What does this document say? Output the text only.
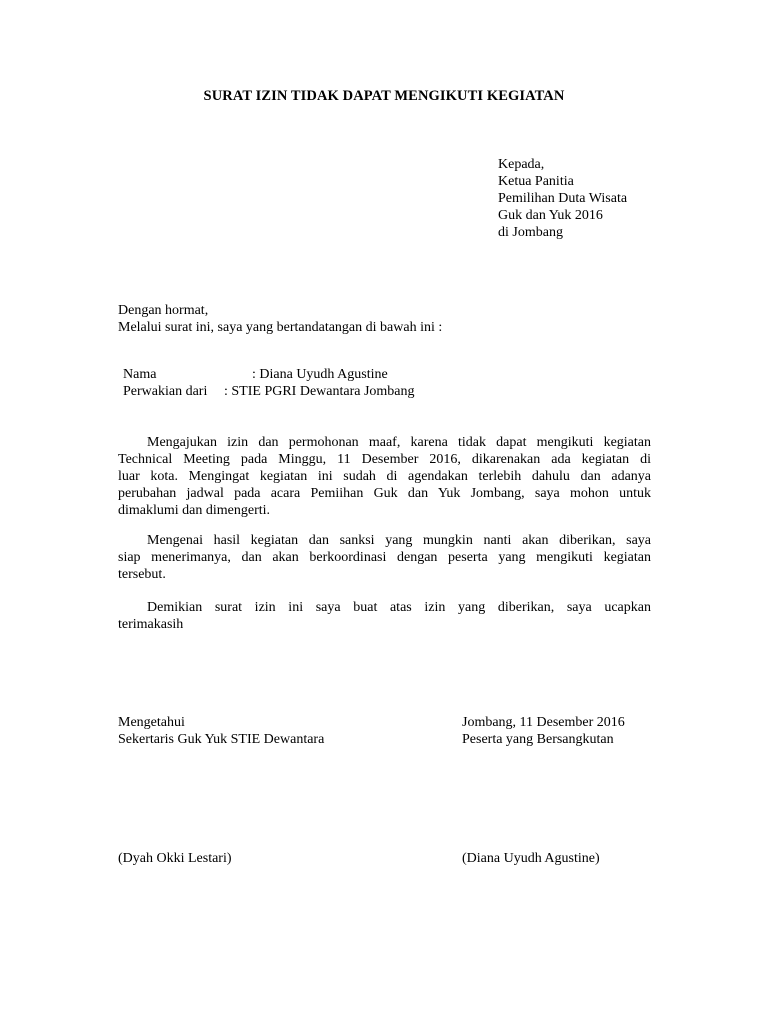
SURAT IZIN TIDAK DAPAT MENGIKUTI KEGIATAN
Kepada,
Ketua Panitia
Pemilihan Duta Wisata
Guk dan Yuk 2016
di Jombang
Dengan hormat,
Melalui surat ini, saya yang bertandatangan di bawah ini :
Nama	: Diana Uyudh Agustine
Perwakian dari : STIE PGRI Dewantara Jombang
Mengajukan izin dan permohonan maaf, karena tidak dapat mengikuti kegiatan
Technical Meeting pada Minggu, 11 Desember 2016, dikarenakan ada kegiatan di
luar kota. Mengingat kegiatan ini sudah di agendakan terlebih dahulu dan adanya
perubahan jadwal pada acara Pemiihan Guk dan Yuk Jombang, saya mohon untuk
dimaklumi dan dimengerti.
Mengenai hasil kegiatan dan sanksi yang mungkin nanti akan diberikan, saya
siap menerimanya, dan akan berkoordinasi dengan peserta yang mengikuti kegiatan
tersebut.
Demikian surat izin ini saya buat atas izin yang diberikan, saya ucapkan
terimakasih
Mengetahui
Sekertaris Guk Yuk STIE Dewantara
Jombang, 11 Desember 2016
Peserta yang Bersangkutan
(Dyah Okki Lestari)	(Diana Uyudh Agustine)
